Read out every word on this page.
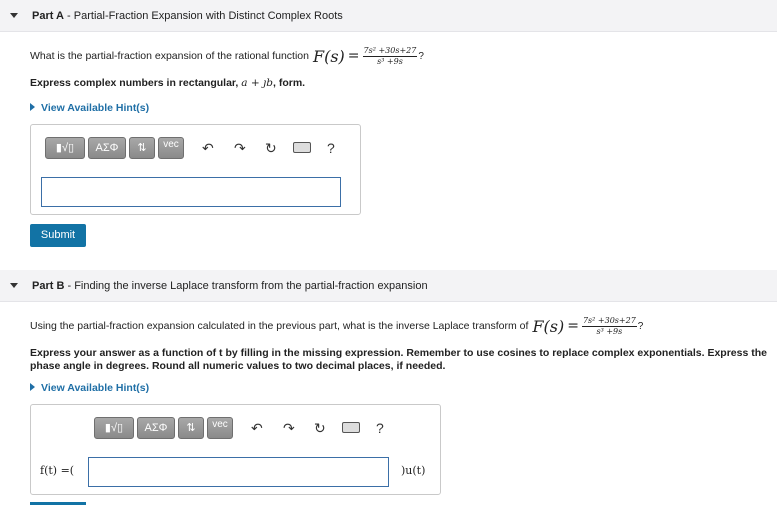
Part A - Partial-Fraction Expansion with Distinct Complex Roots
What is the partial-fraction expansion of the rational function $F(s) = \frac{\text{7s² +30s+27}}{\text{s³ +9s}}$ ?
Express complex numbers in rectangular, a + ȷb, form.
View Available Hint(s)
▮√▯	ΑΣΦ	⇅	vec	↶ ↷ ↻	?
Submit
Part B - Finding the inverse Laplace transform from the partial-fraction expansion
Using the partial-fraction expansion calculated in the previous part, what is the inverse Laplace transform of $F(s) = \frac{\text{7s² +30s+27}}{\text{s³ +9s}}$ ?
Express your answer as a function of t by filling in the missing expression. Remember to use cosines to replace complex exponentials. Express the
phase angle in degrees. Round all numeric values to two decimal places, if needed.
View Available Hint(s)
▮√▯	ΑΣΦ	⇅	vec	↶ ↷ ↻	?
f(t) =(	)u(t)
